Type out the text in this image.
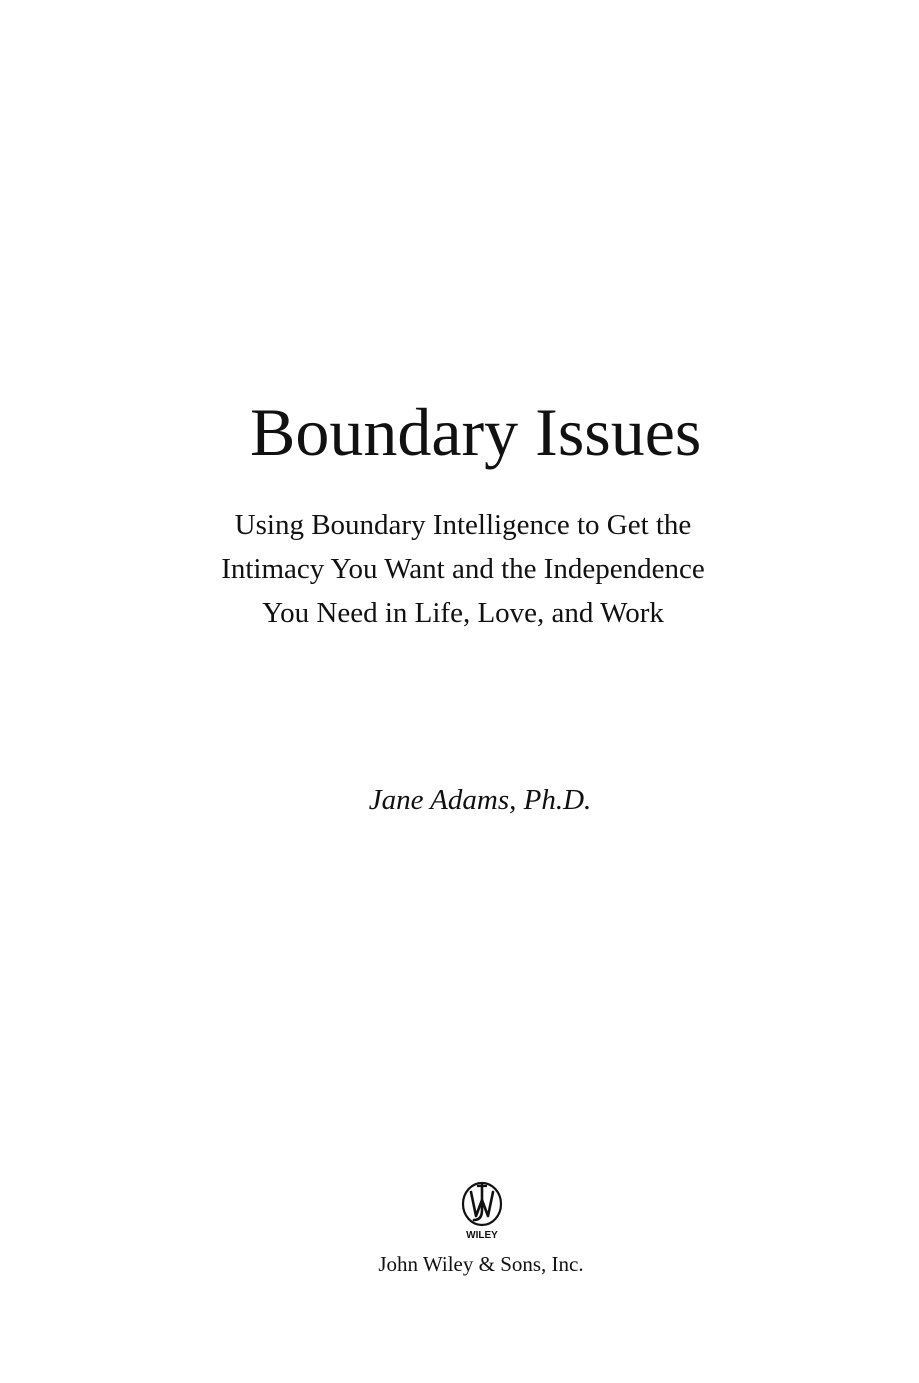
Boundary Issues
Using Boundary Intelligence to Get the
Intimacy You Want and the Independence
You Need in Life, Love, and Work
Jane Adams, Ph.D.
WILEY
John Wiley & Sons, Inc.
